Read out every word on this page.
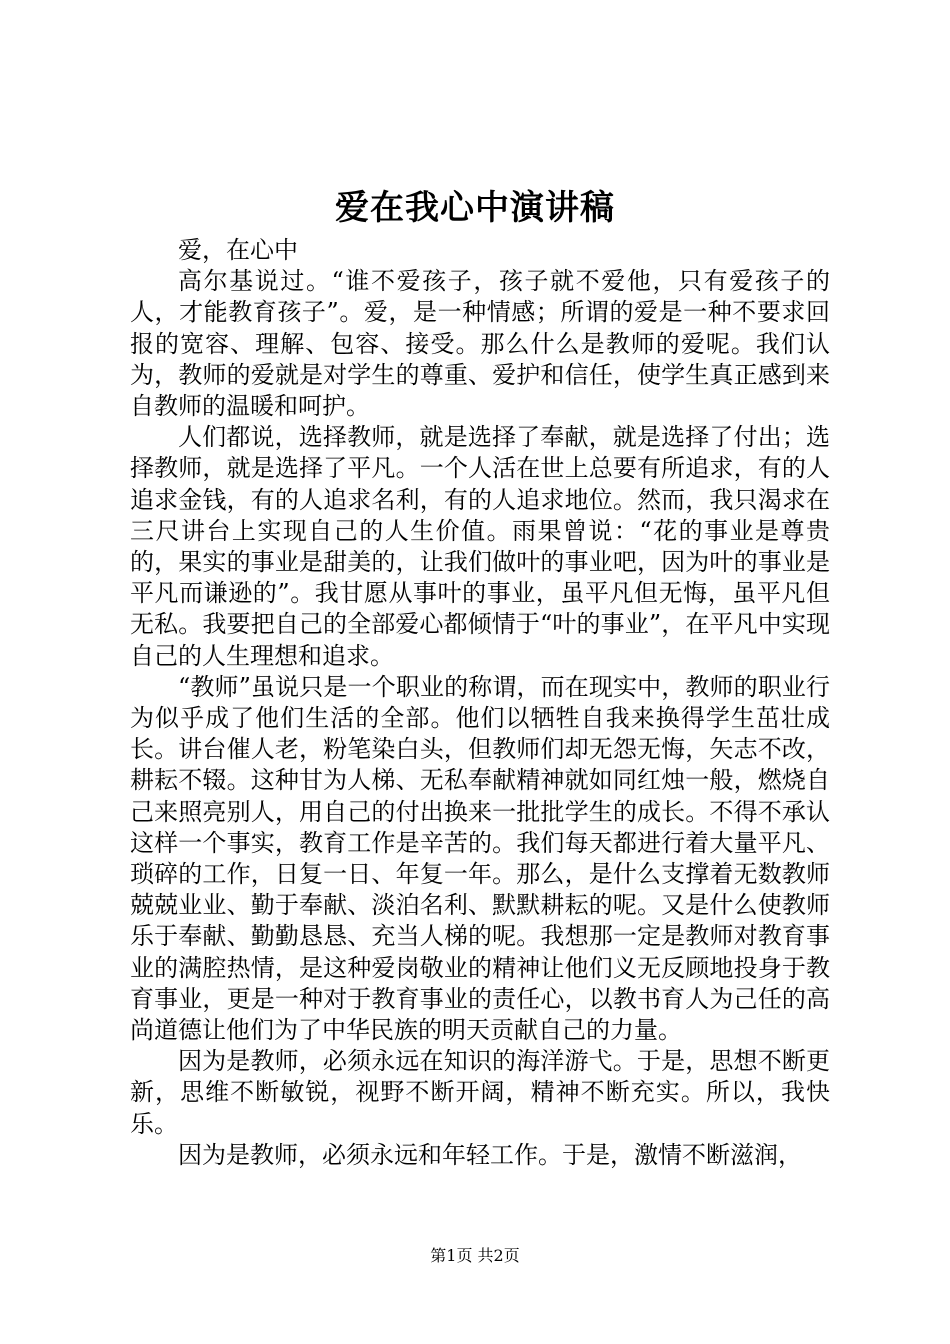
爱在我心中演讲稿

爱，在心中

高尔基说过。“谁不爱孩子，孩子就不爱他，只有爱孩子的人，才能教育孩子”。爱，是一种情感；所谓的爱是一种不要求回报的宽容、理解、包容、接受。那么什么是教师的爱呢。我们认为，教师的爱就是对学生的尊重、爱护和信任，使学生真正感到来自教师的温暖和呵护。

人们都说，选择教师，就是选择了奉献，就是选择了付出；选择教师，就是选择了平凡。一个人活在世上总要有所追求，有的人追求金钱，有的人追求名利，有的人追求地位。然而，我只渴求在三尺讲台上实现自己的人生价值。雨果曾说：“花的事业是尊贵的，果实的事业是甜美的，让我们做叶的事业吧，因为叶的事业是平凡而谦逊的”。我甘愿从事叶的事业，虽平凡但无悔，虽平凡但无私。我要把自己的全部爱心都倾情于“叶的事业”，在平凡中实现自己的人生理想和追求。

“教师”虽说只是一个职业的称谓，而在现实中，教师的职业行为似乎成了他们生活的全部。他们以牺牲自我来换得学生茁壮成长。讲台催人老，粉笔染白头，但教师们却无怨无悔，矢志不改，耕耘不辍。这种甘为人梯、无私奉献精神就如同红烛一般，燃烧自己来照亮别人，用自己的付出换来一批批学生的成长。不得不承认这样一个事实，教育工作是辛苦的。我们每天都进行着大量平凡、琐碎的工作，日复一日、年复一年。那么，是什么支撑着无数教师兢兢业业、勤于奉献、淡泊名利、默默耕耘的呢。又是什么使教师乐于奉献、勤勤恳恳、充当人梯的呢。我想那一定是教师对教育事业的满腔热情，是这种爱岗敬业的精神让他们义无反顾地投身于教育事业，更是一种对于教育事业的责任心，以教书育人为己任的高尚道德让他们为了中华民族的明天贡献自己的力量。

因为是教师，必须永远在知识的海洋游弋。于是，思想不断更新，思维不断敏锐，视野不断开阔，精神不断充实。所以，我快乐。

因为是教师，必须永远和年轻工作。于是，激情不断滋润，

第1页 共2页
